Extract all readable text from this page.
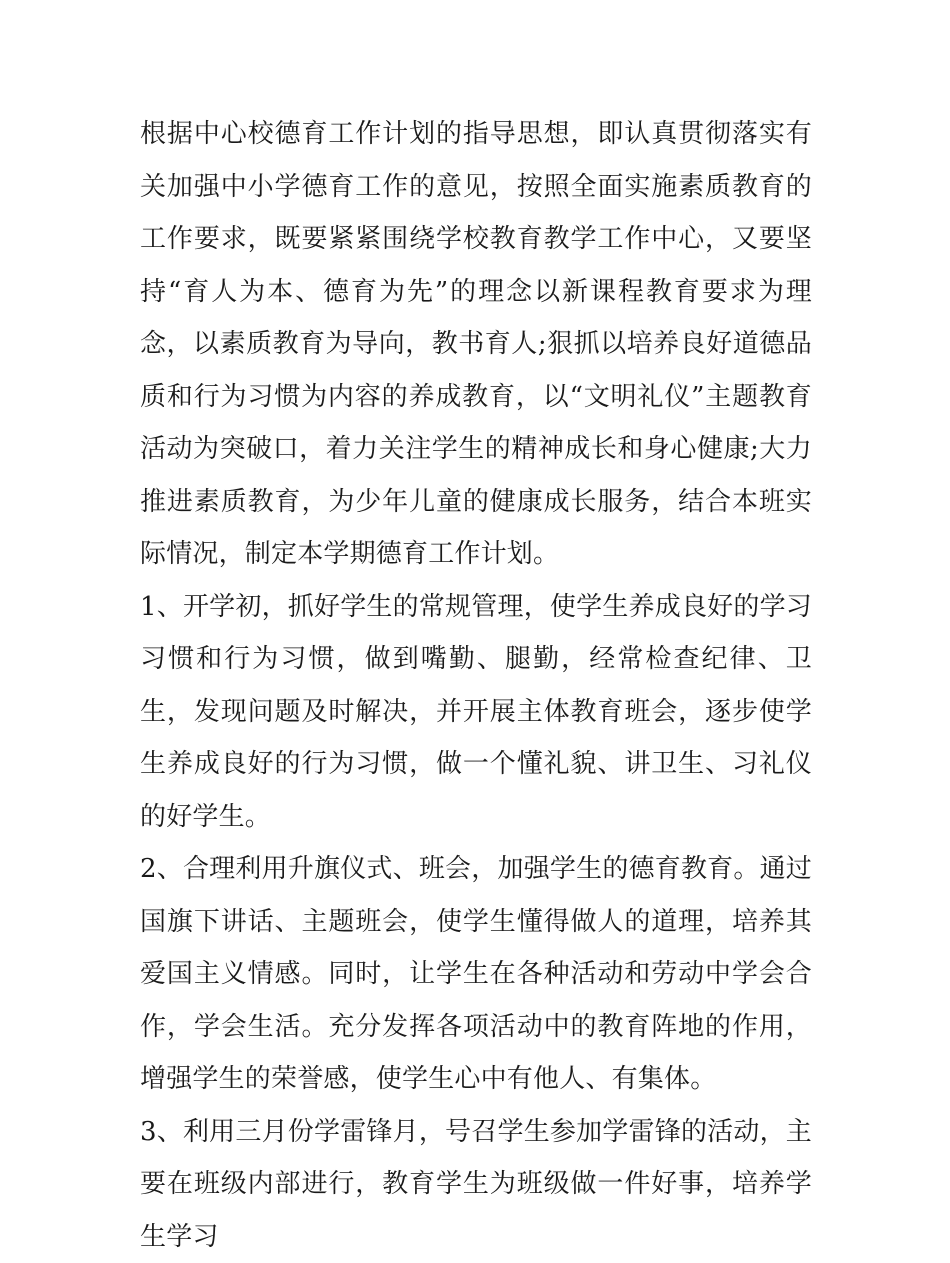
根据中心校德育工作计划的指导思想，即认真贯彻落实有关加强中小学德育工作的意见，按照全面实施素质教育的工作要求，既要紧紧围绕学校教育教学工作中心，又要坚持“育人为本、德育为先”的理念以新课程教育要求为理念，以素质教育为导向，教书育人;狠抓以培养良好道德品质和行为习惯为内容的养成教育，以“文明礼仪”主题教育活动为突破口，着力关注学生的精神成长和身心健康;大力推进素质教育，为少年儿童的健康成长服务，结合本班实际情况，制定本学期德育工作计划。

1、开学初，抓好学生的常规管理，使学生养成良好的学习习惯和行为习惯，做到嘴勤、腿勤，经常检查纪律、卫生，发现问题及时解决，并开展主体教育班会，逐步使学生养成良好的行为习惯，做一个懂礼貌、讲卫生、习礼仪的好学生。

2、合理利用升旗仪式、班会，加强学生的德育教育。通过国旗下讲话、主题班会，使学生懂得做人的道理，培养其爱国主义情感。同时，让学生在各种活动和劳动中学会合作，学会生活。充分发挥各项活动中的教育阵地的作用，增强学生的荣誉感，使学生心中有他人、有集体。

3、利用三月份学雷锋月，号召学生参加学雷锋的活动，主要在班级内部进行，教育学生为班级做一件好事，培养学生学习
